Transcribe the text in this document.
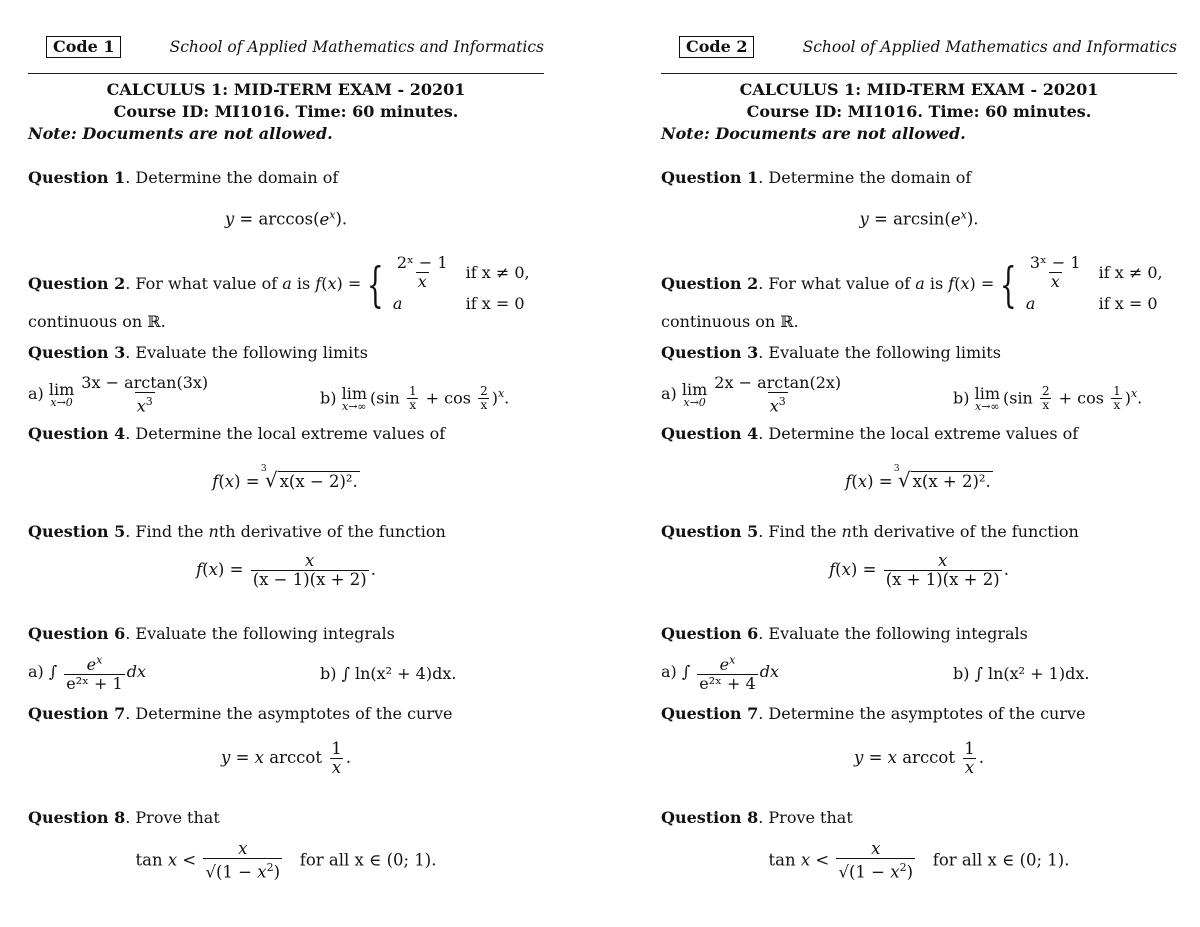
Code 1	School of Applied Mathematics and Informatics
CALCULUS 1: MID-TERM EXAM - 20201
Course ID: MI1016. Time: 60 minutes.
Note: Documents are not allowed.
Question 1. Determine the domain of
$y = \arccos(e^x)$.
Question 2. For what value of a is f(x) = { $\frac{\text{2ˣ − 1}}{x}$	if x ≠ 0,
a	if x = 0
continuous on ℝ.
Question 3. Evaluate the following limits
a) lim
$x\to 0 \frac{3x - \arctan(3x)}{x^3}$	b) lim
x→∞ $(\sin \frac{1}{x} + \cos \frac{2}{x} )^x$.
Question 4. Determine the local extreme values of
f(x) =
3
√ x(x − 2)².
Question 5. Find the nth derivative of the function
$f(x) = \frac{x}{(x - 1)(x + 2)}$ .
Question 6. Evaluate the following integrals
a) ∫ $\frac{e^x}{\text{e²ˣ + 1}}$ dx	b) ∫ ln(x² + 4)dx.
Question 7. Determine the asymptotes of the curve
y = x arccot $\frac{1}{x}$ .
Question 8. Prove that
$\tan x < \frac{x}{√(1 - x^2)}$ for all x ∈ (0; 1).
Code 2	School of Applied Mathematics and Informatics
CALCULUS 1: MID-TERM EXAM - 20201
Course ID: MI1016. Time: 60 minutes.
Note: Documents are not allowed.
Question 1. Determine the domain of
$y = \arcsin(e^x)$.
Question 2. For what value of a is f(x) = { $\frac{\text{3ˣ − 1}}{x}$	if x ≠ 0,
a	if x = 0
continuous on ℝ.
Question 3. Evaluate the following limits
a) lim
$x\to 0 \frac{2x - \arctan(2x)}{x^3}$	b) lim
x→∞ $(\sin \frac{2}{x} + \cos \frac{1}{x} )^x$.
Question 4. Determine the local extreme values of
f(x) =
3
√ x(x + 2)².
Question 5. Find the nth derivative of the function
$f(x) = \frac{x}{(x + 1)(x + 2)}$ .
Question 6. Evaluate the following integrals
a) ∫ $\frac{e^x}{\text{e²ˣ + 4}}$ dx	b) ∫ ln(x² + 1)dx.
Question 7. Determine the asymptotes of the curve
y = x arccot $\frac{1}{x}$ .
Question 8. Prove that
$\tan x < \frac{x}{√(1 - x^2)}$ for all x ∈ (0; 1).
